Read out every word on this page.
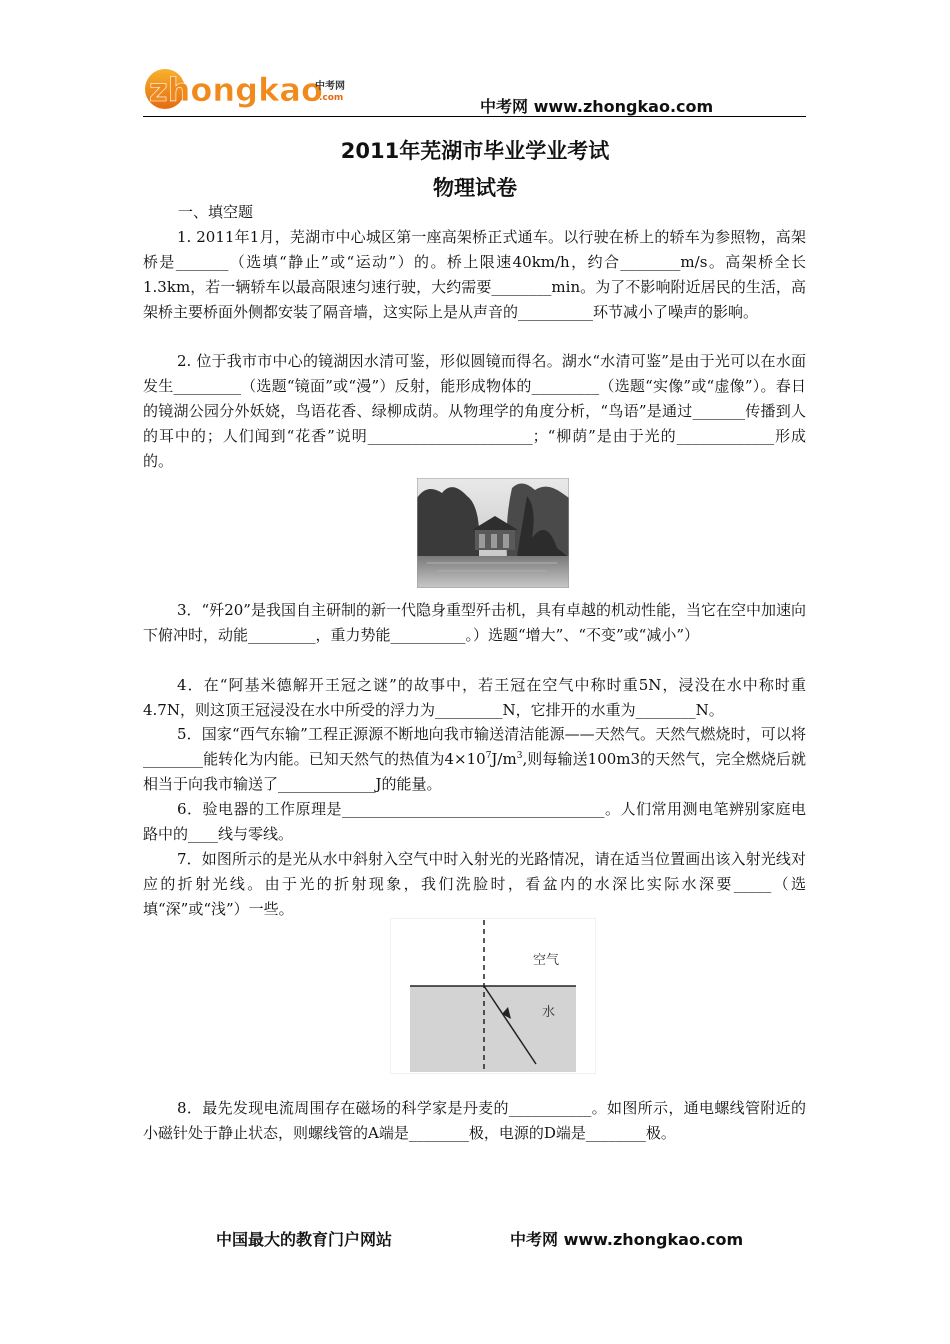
zhongkao
中考网
.com	中考网 www.zhongkao.com
2011年芜湖市毕业学业考试
物理试卷
一、填空题
1. 2011年1月，芜湖市中心城区第一座高架桥正式通车。以行驶在桥上的轿车为参照物，高架桥是_______（选填“静止”或“运动”）的。桥上限速40km/h，约合________m/s。高架桥全长1.3km，若一辆轿车以最高限速匀速行驶，大约需要________min。为了不影响附近居民的生活，高架桥主要桥面外侧都安装了隔音墙，这实际上是从声音的__________环节减小了噪声的影响。
2. 位于我市市中心的镜湖因水清可鉴，形似圆镜而得名。湖水“水清可鉴”是由于光可以在水面发生_________（选题“镜面”或“漫”）反射，能形成物体的_________（选题“实像”或“虚像”）。春日的镜湖公园分外妖娆，鸟语花香、绿柳成荫。从物理学的角度分析，“鸟语”是通过_______传播到人的耳中的；人们闻到“花香”说明______________________；“柳荫”是由于光的_____________形成的。
3．“歼20”是我国自主研制的新一代隐身重型歼击机，具有卓越的机动性能，当它在空中加速向下俯冲时，动能_________，重力势能__________。）选题“增大”、“不变”或“减小”）
4．在“阿基米德解开王冠之谜”的故事中，若王冠在空气中称时重5N，浸没在水中称时重4.7N，则这顶王冠浸没在水中所受的浮力为_________N，它排开的水重为________N。
5．国家“西气东输”工程正源源不断地向我市输送清洁能源——天然气。天然气燃烧时，可以将________能转化为内能。已知天然气的热值为$4\times 10^7J/m^3$,则每输送100m3的天然气，完全燃烧后就相当于向我市输送了_____________J的能量。
6．验电器的工作原理是___________________________________。人们常用测电笔辨别家庭电路中的____线与零线。
7．如图所示的是光从水中斜射入空气中时入射光的光路情况，请在适当位置画出该入射光线对应的折射光线。由于光的折射现象，我们洗脸时，看盆内的水深比实际水深要_____（选填“深”或“浅”）一些。
空气
水
8．最先发现电流周围存在磁场的科学家是丹麦的___________。如图所示，通电螺线管附近的小磁针处于静止状态，则螺线管的A端是________极，电源的D端是________极。
中国最大的教育门户网站	中考网 www.zhongkao.com
